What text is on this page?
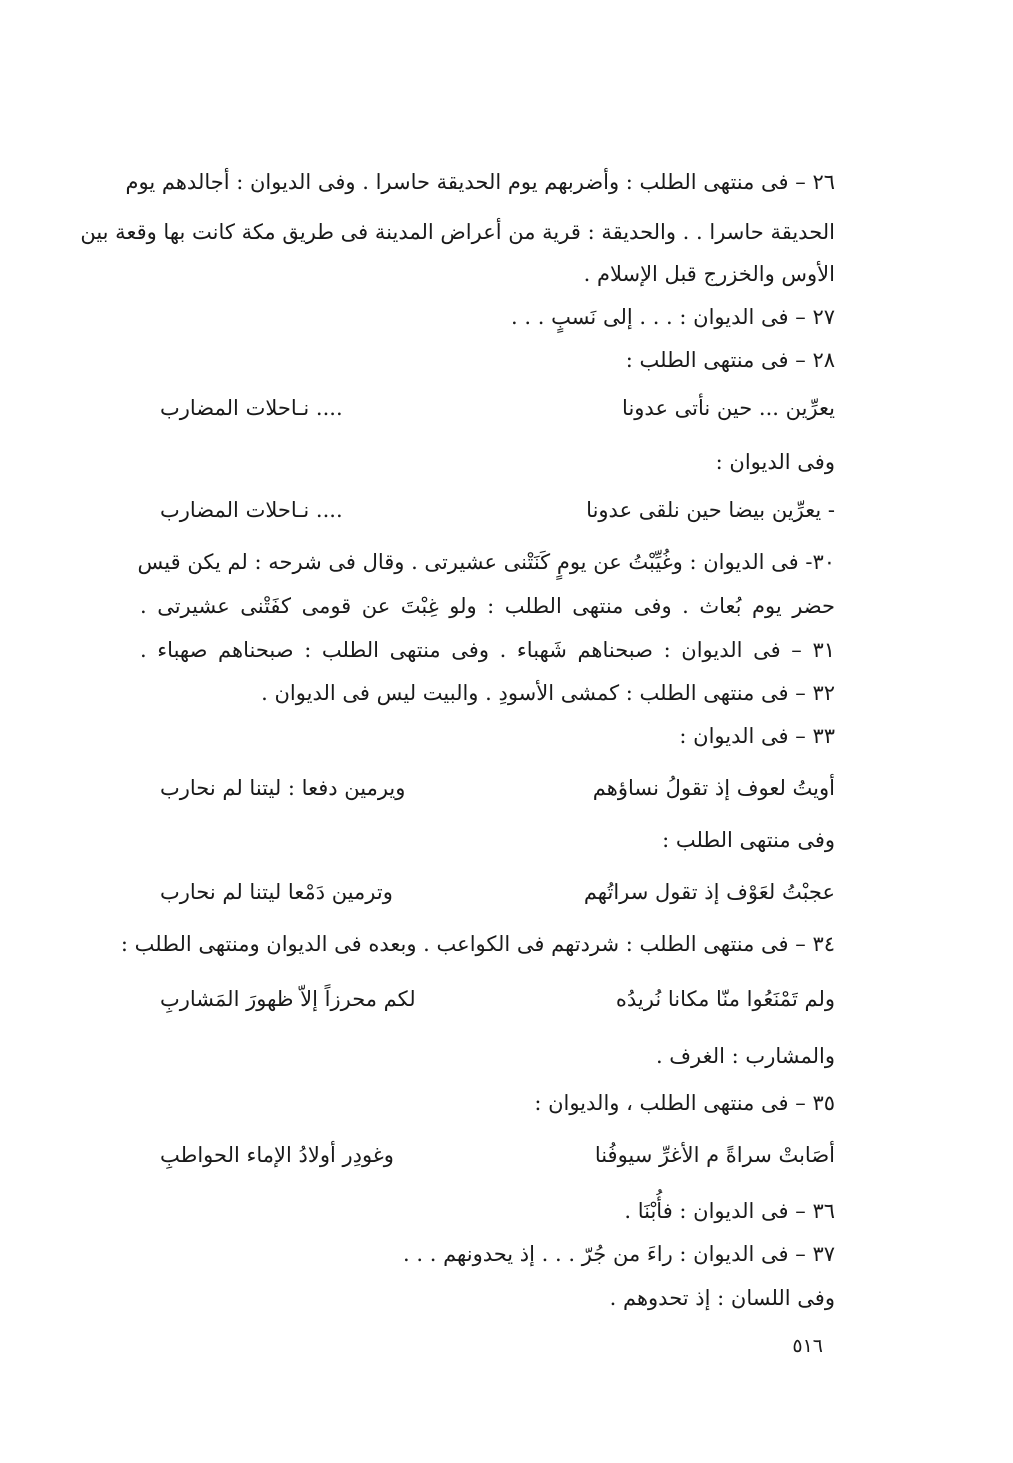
٢٦ – فى منتهى الطلب : وأضربهم يوم الحديقة حاسرا . وفى الديوان : أجالدهم يوم
الحديقة حاسرا . . والحديقة : قرية من أعراض المدينة فى طريق مكة كانت بها وقعة بين
الأوس والخزرج قبل الإسلام .
٢٧ – فى الديوان : . . . إلى نَسبٍ . . .
٢٨ – فى منتهى الطلب :
يعرِّين ... حين نأتى عدونا
.... نـاحلات المضارب
وفى الديوان :
- يعرِّين بيضا حين نلقى عدونا
.... نـاحلات المضارب
٣٠- فى الديوان : وغُيِّبْتُ عن يومٍ كَنَتْنى عشيرتى . وقال فى شرحه : لم يكن قيس
حضر يوم بُعاث . وفى منتهى الطلب : ولو غِبْتَ عن قومى كفَتْنى عشيرتى .
٣١ – فى الديوان : صبحناهم شَهباء . وفى منتهى الطلب : صبحناهم صهباء .
٣٢ – فى منتهى الطلب : كمشى الأسودِ . والبيت ليس فى الديوان .
٣٣ – فى الديوان :
أويتُ لعوف إذ تقولُ نساؤهم
ويرمين دفعا : ليتنا لم نحارب
وفى منتهى الطلب :
عجبْتُ لعَوْف إذ تقول سراتُهم
وترمين دَمْعا ليتنا لم نحارب
٣٤ – فى منتهى الطلب : شردتهم فى الكواعب . وبعده فى الديوان ومنتهى الطلب :
ولم تَمْنَعُوا منّا مكانا نُريدُه
لكم محرزاً إلاّ ظهورَ المَشاربِ
والمشارب : الغرف .
٣٥ – فى منتهى الطلب ، والديوان :
أصَابتْ سراةً م الأغرِّ سيوفُنا
وغودِر أولادُ الإماء الحواطبِ
٣٦ – فى الديوان : فأُبْنَا .
٣٧ – فى الديوان : راءَ من جُرّ . . . إذ يحدونهم . . .
وفى اللسان : إذ تحدوهم .
٥١٦
